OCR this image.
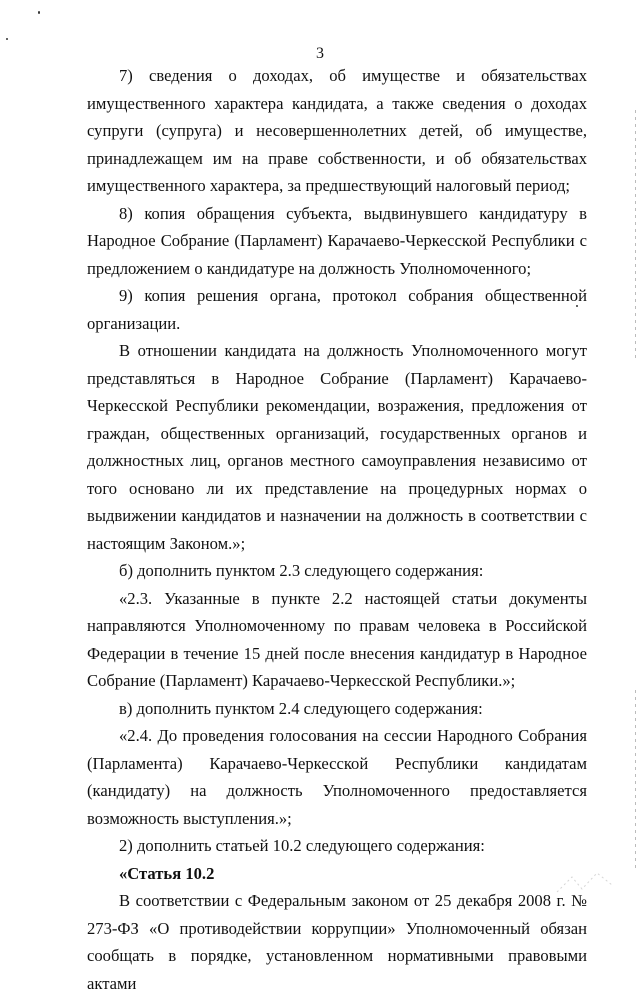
3

7) сведения о доходах, об имуществе и обязательствах имущественного характера кандидата, а также сведения о доходах супруги (супруга) и несовершеннолетних детей, об имуществе, принадлежащем им на праве собственности, и об обязательствах имущественного характера, за предшествующий налоговый период;

8) копия обращения субъекта, выдвинувшего кандидатуру в Народное Собрание (Парламент) Карачаево-Черкесской Республики с предложением о кандидатуре на должность Уполномоченного;

9) копия решения органа, протокол собрания общественной организации.

В отношении кандидата на должность Уполномоченного могут представляться в Народное Собрание (Парламент) Карачаево-Черкесской Республики рекомендации, возражения, предложения от граждан, общественных организаций, государственных органов и должностных лиц, органов местного самоуправления независимо от того основано ли их представление на процедурных нормах о выдвижении кандидатов и назначении на должность в соответствии с настоящим Законом.»;

б) дополнить пунктом 2.3 следующего содержания:

«2.3. Указанные в пункте 2.2 настоящей статьи документы направляются Уполномоченному по правам человека в Российской Федерации в течение 15 дней после внесения кандидатур в Народное Собрание (Парламент) Карачаево-Черкесской Республики.»;

в) дополнить пунктом 2.4 следующего содержания:

«2.4. До проведения голосования на сессии Народного Собрания (Парламента) Карачаево-Черкесской Республики кандидатам (кандидату) на должность Уполномоченного предоставляется возможность выступления.»;

2) дополнить статьей 10.2 следующего содержания:

«Статья 10.2

В соответствии с Федеральным законом от 25 декабря 2008 г. № 273-ФЗ «О противодействии коррупции» Уполномоченный обязан сообщать в порядке, установленном нормативными правовыми актами
